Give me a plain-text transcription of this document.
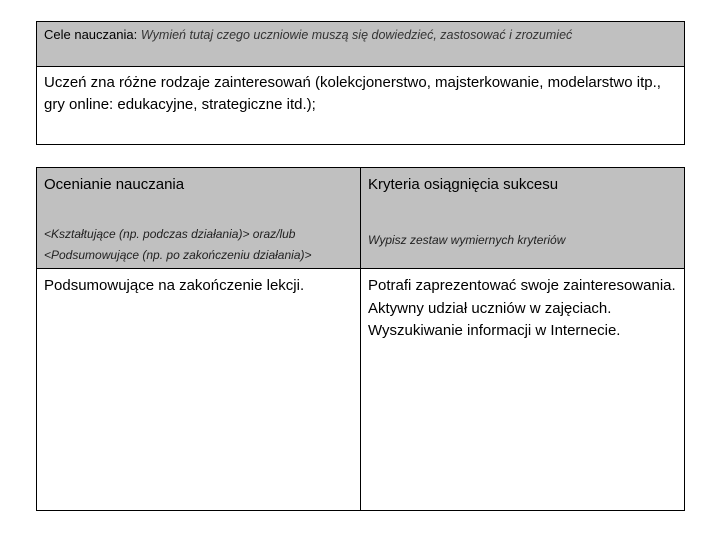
Cele nauczania: Wymień tutaj czego uczniowie muszą się dowiedzieć, zastosować i zrozumieć
Uczeń zna różne rodzaje zainteresowań (kolekcjonerstwo, majsterkowanie, modelarstwo itp., gry online: edukacyjne, strategiczne itd.);
Ocenianie nauczania
<Kształtujące (np. podczas działania)> oraz/lub
<Podsumowujące (np. po zakończeniu działania)>
Kryteria osiągnięcia sukcesu
Wypisz zestaw wymiernych kryteriów
Podsumowujące na zakończenie lekcji.	Potrafi zaprezentować swoje zainteresowania.
Aktywny udział uczniów w zajęciach.
Wyszukiwanie informacji w Internecie.
